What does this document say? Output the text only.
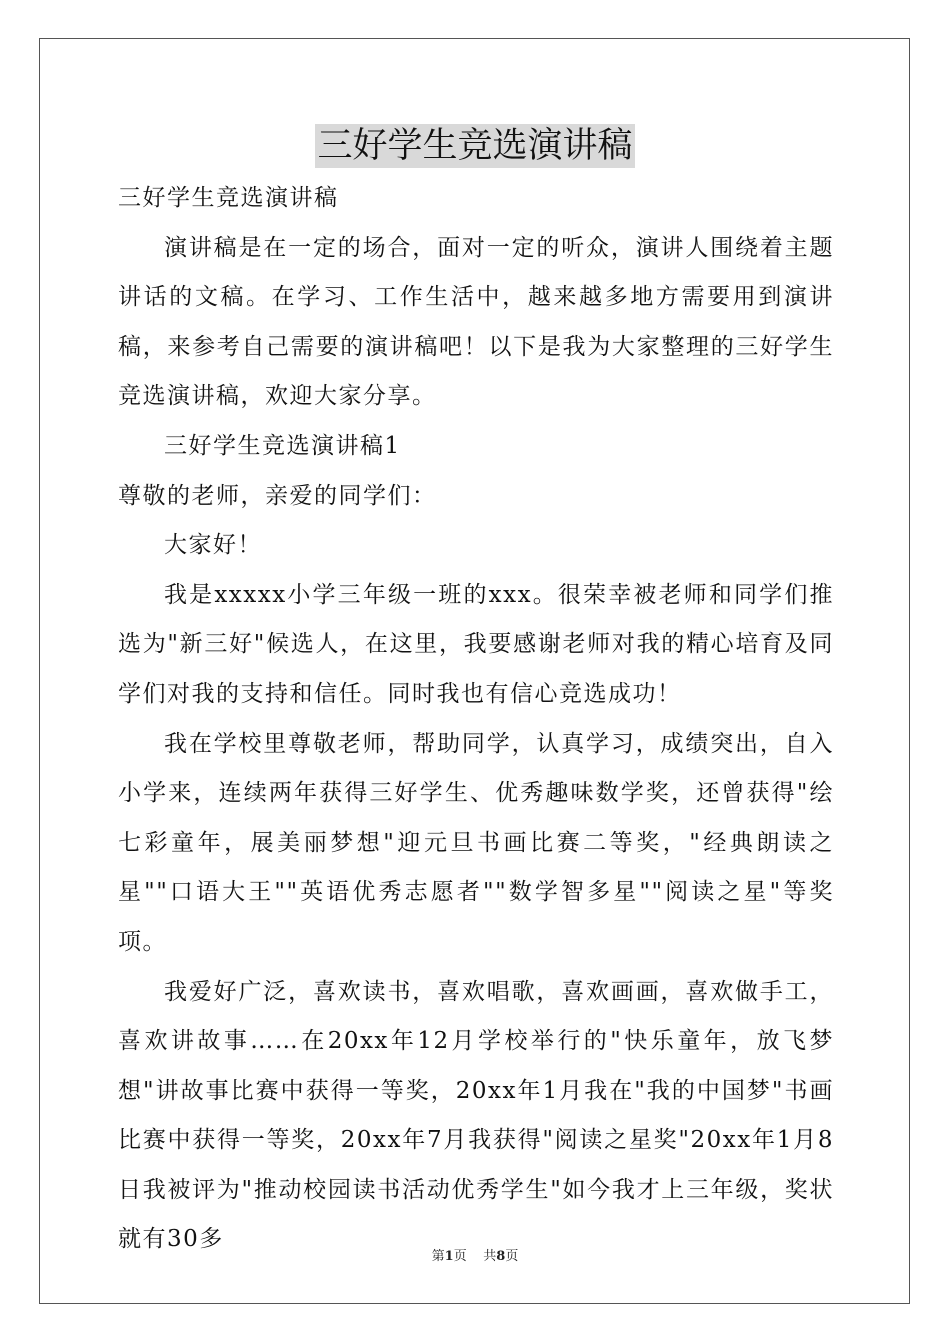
三好学生竞选演讲稿

三好学生竞选演讲稿

演讲稿是在一定的场合，面对一定的听众，演讲人围绕着主题讲话的文稿。在学习、工作生活中，越来越多地方需要用到演讲稿，来参考自己需要的演讲稿吧！以下是我为大家整理的三好学生竞选演讲稿，欢迎大家分享。

三好学生竞选演讲稿1

尊敬的老师，亲爱的同学们：

大家好！

我是xxxxx小学三年级一班的xxx。很荣幸被老师和同学们推选为"新三好"候选人，在这里，我要感谢老师对我的精心培育及同学们对我的支持和信任。同时我也有信心竞选成功！

我在学校里尊敬老师，帮助同学，认真学习，成绩突出，自入小学来，连续两年获得三好学生、优秀趣味数学奖，还曾获得"绘七彩童年，展美丽梦想"迎元旦书画比赛二等奖，"经典朗读之星""口语大王""英语优秀志愿者""数学智多星""阅读之星"等奖项。

我爱好广泛，喜欢读书，喜欢唱歌，喜欢画画，喜欢做手工，喜欢讲故事……在20xx年12月学校举行的"快乐童年，放飞梦想"讲故事比赛中获得一等奖，20xx年1月我在"我的中国梦"书画比赛中获得一等奖，20xx年7月我获得"阅读之星奖"20xx年1月8日我被评为"推动校园读书活动优秀学生"如今我才上三年级，奖状就有30多

第1页 共8页
